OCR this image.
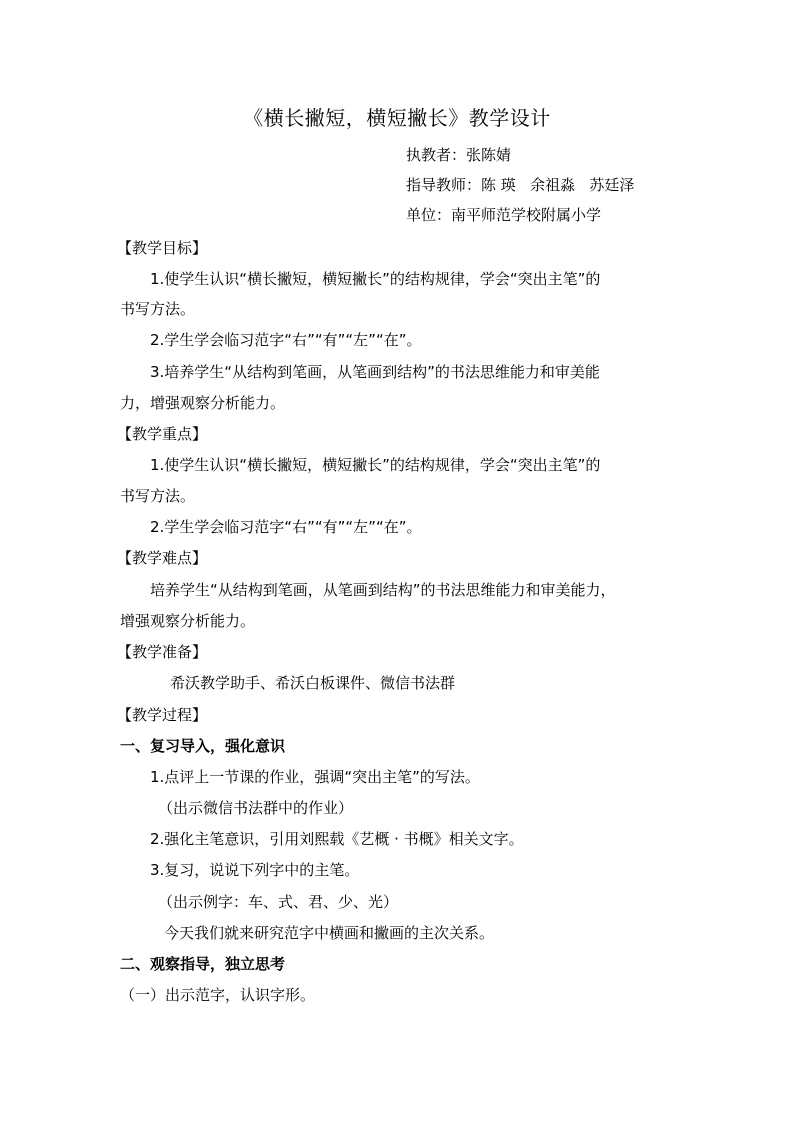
《横长撇短，横短撇长》教学设计
执教者：张陈婧
指导教师：陈 瑛   余祖淼   苏廷泽
单位：南平师范学校附属小学
【教学目标】
1.使学生认识“横长撇短，横短撇长”的结构规律，学会“突出主笔”的
书写方法。
2.学生学会临习范字“右”“有”“左”“在”。
3.培养学生“从结构到笔画，从笔画到结构”的书法思维能力和审美能
力，增强观察分析能力。
【教学重点】
1.使学生认识“横长撇短，横短撇长”的结构规律，学会“突出主笔”的
书写方法。
2.学生学会临习范字“右”“有”“左”“在”。
【教学难点】
培养学生“从结构到笔画，从笔画到结构”的书法思维能力和审美能力，
增强观察分析能力。
【教学准备】
希沃教学助手、希沃白板课件、微信书法群
【教学过程】
一、复习导入，强化意识
1.点评上一节课的作业，强调“突出主笔”的写法。
（出示微信书法群中的作业）
2.强化主笔意识，引用刘熙载《艺概 · 书概》相关文字。
3.复习，说说下列字中的主笔。
（出示例字：车、式、君、少、光）
今天我们就来研究范字中横画和撇画的主次关系。
二、观察指导，独立思考
（一）出示范字，认识字形。
